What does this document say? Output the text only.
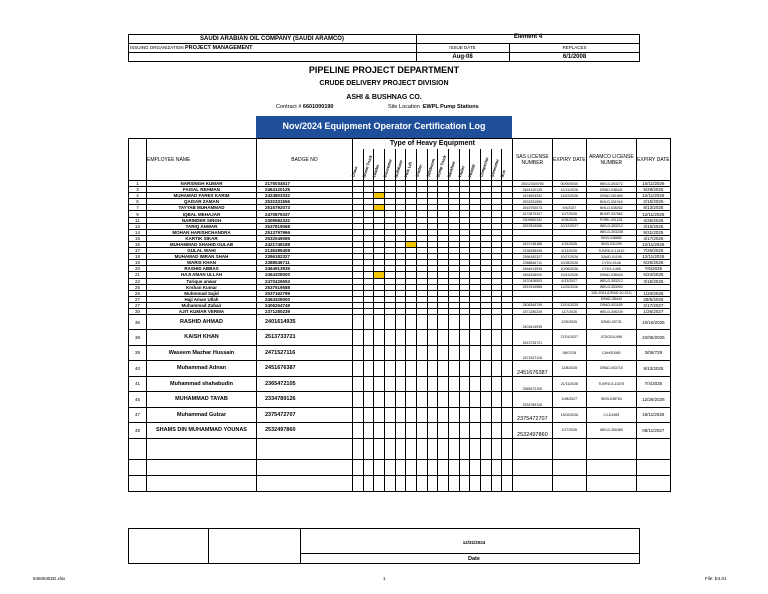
SAUDI ARABIAN OIL COMPANY (SAUDI ARAMCO)	Element 4
ISSUING ORGANIZATION PROJECT MANAGEMENT	ISSUE DATE	REPLACES
Aug-08	6/1/2008
PIPELINE PROJECT DEPARTMENT
CRUDE DELIVERY PROJECT DIVISION
ASHI & BUSHNAG CO.
Contract # 6601000190	Site Location :EWPL Pump Stations
Nov/2024 Equipment Operator Certification Log
	EMPLOYEE NAME	BADGE NO	Type of Heavy Equipment															SAS LICENSE NUMBER	EXPIRY DATE	ARAMCO LICENSE NUMBER	EXPIRY DATE

			Crane	Boom Truck	Loader	Excavator	Bulldozer	Fork Lift	Grader	Sideboom	Dump Truck	Backhoe	Trailer	Forklift	Compactor	Generator	Bus				

1	NARSINGH KUMAR	2175034517																2631234/4765	00/00/0000	WELD-303272	10/11/2026
3	FAISAL REHMAN	2464120125																2464120125	11/11/2026	DRAD-038441	5/29/2025
4	MUHAMAD FARES KARIM	2424803332																2424803332	11/02/2026	DRAD-061869	12/11/2026
6	QAISAR ZAMAN	2532331556																2532331556		BHLO-331916	2/15/2026
7	TAYYAB MUHAMMAD	2515792073																2515792073	9/4/2027	BHLO-035262	8/13/2025
9	IQBAL MEHAJAR	2470879337																2470879337	10/7/2026	BHOP-037862	12/11/2026
11	NARINDER SINGH	2309582332																2309582332	8/28/2026	FORK-031231	4/26/2025
13	TARIQ ANWAR	2537819068																2537819068	10/12/2027	WELD-353212	3/15/2026
14	MOHAN HARISHCHANDRA	2513797966																		WELD-303238	9/31/2025
15	KARTIK SIKAR	2532049085																		SKID-038882	4/17/2026
16	MUHAMMAD SHAHID GULAB	2421748188																2421748188	1/31/2026	SKID-031299	12/11/2026
17	GULAL WAHI	2136285408																2136285408	6/13/2026	TUVRD-6-12410	7/26/2025
18	MUHAMAD IMRAN SHAH	2396182327																2396182327	10/27/2026	SAUD-01198	12/11/2026
19	WARIS KHAN	2388546711																2388546711	10/28/2026	CYDX-0146	6/25/2026
20	RASHID ABBAS	2464913935																2464913935	10/06/2026	CYDX-1456	7/6/2025
21	HAJI AMAN ULLAH	2464328000																2464328000	10/11/2026	DRAD-038443	5/24/2025
22	Tarique anwar	2470426553																2470426553	6/13/2027	WELD-353212	3/15/2025
25	Krshan Kumar	2537619588																2537619588	11/20/2026	WELD-353092	
26	Muhmmad Sajid	2537162799																		13K-2024 (DRAD-10-021)	1/20/2026
27	Haji Aman Ullah	2464328000																		DRAD-38443	29/5/2025
27	Muhammad Zubair	2406264749																2406264749	12/01/2025	DRAD-001165	2/17/2027
30	AJIT KUMAR VERMA	2371280239																2371280239	11/7/2026	WELD-306239	1/26/2027
36	RASHID AHMAD	2401614935																2401614935	2/09/2026	DRAD-00731	10/16/2025
38	KAISH KHAN	2513733721																2513733721	27/01/2027	JCDO/24-998	22/05/2025
39	Waseem Mazhar Hussain	2471527116																2471527116	08/07/28	CAHOD080	3/08/729
40	Muhammad Adnan	2451676387																2451676387	12/8/2028	DRAD-003715	9/13/2025
41	Muhammad shahabudin	2365472105																2365472105	21/11/2028	TUVRD-6-10276	7/4/2025
46	MUHAMMAD TAYAB	2334789126																2334789126	10/8/2027	SKID-038763	12/29/2026
47	Muhammad Gulzar	2375472707																2375472707	13/02/2026	CJ-D1583	19/11/2026
48	SHAMS DIN MUHAMMAD YOUNAS	2532497860																2532497860	1/27/2026	WELD-306389	08/11/2027

12/31/2024
Date
84506452D.xlsx	1	File: E4.01
